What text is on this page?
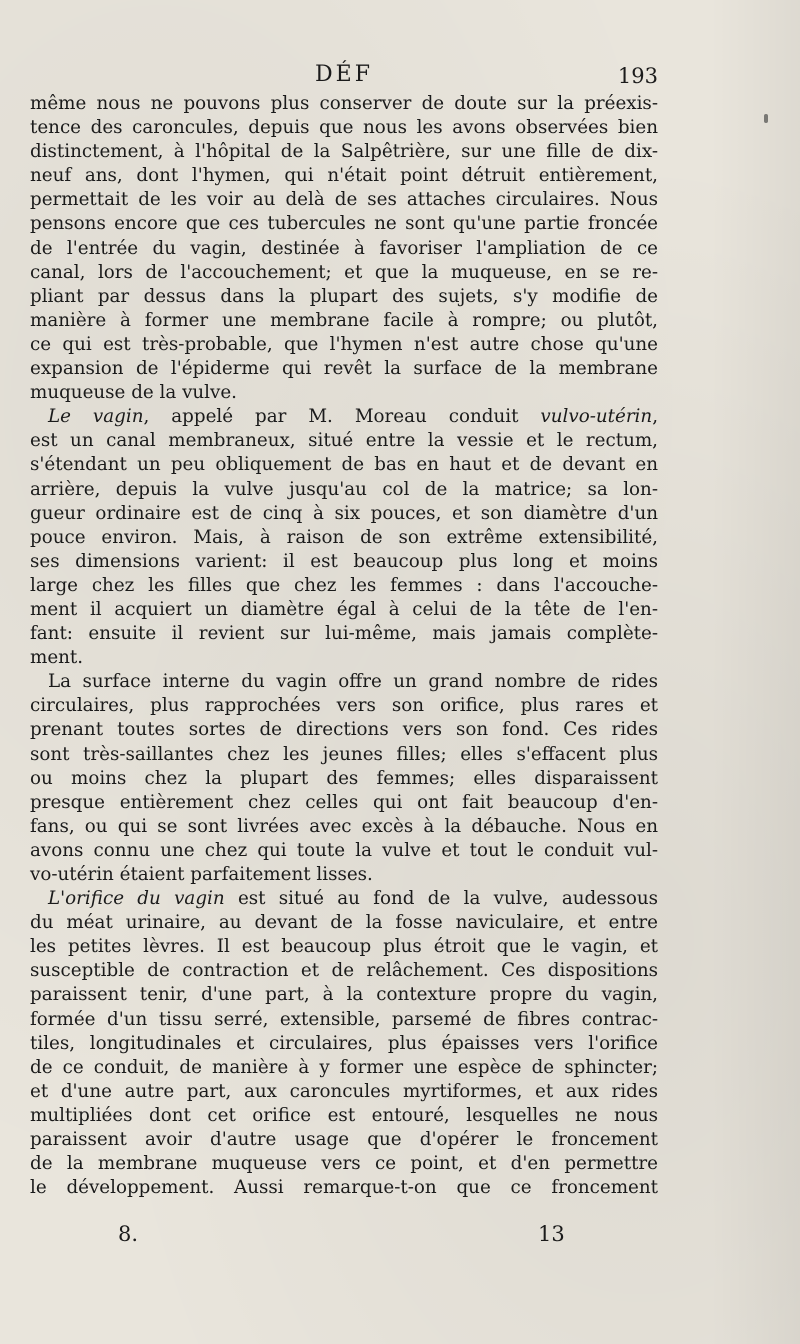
DÉF	193
même nous ne pouvons plus conserver de doute sur la préexis-
tence des caroncules, depuis que nous les avons observées bien
distinctement, à l'hôpital de la Salpêtrière, sur une fille de dix-
neuf ans, dont l'hymen, qui n'était point détruit entièrement,
permettait de les voir au delà de ses attaches circulaires. Nous
pensons encore que ces tubercules ne sont qu'une partie froncée
de l'entrée du vagin, destinée à favoriser l'ampliation de ce
canal, lors de l'accouchement; et que la muqueuse, en se re-
pliant par dessus dans la plupart des sujets, s'y modifie de
manière à former une membrane facile à rompre; ou plutôt,
ce qui est très-probable, que l'hymen n'est autre chose qu'une
expansion de l'épiderme qui revêt la surface de la membrane
muqueuse de la vulve.
Le vagin, appelé par M. Moreau conduit vulvo-utérin,
est un canal membraneux, situé entre la vessie et le rectum,
s'étendant un peu obliquement de bas en haut et de devant en
arrière, depuis la vulve jusqu'au col de la matrice; sa lon-
gueur ordinaire est de cinq à six pouces, et son diamètre d'un
pouce environ. Mais, à raison de son extrême extensibilité,
ses dimensions varient: il est beaucoup plus long et moins
large chez les filles que chez les femmes : dans l'accouche-
ment il acquiert un diamètre égal à celui de la tête de l'en-
fant: ensuite il revient sur lui-même, mais jamais complète-
ment.
La surface interne du vagin offre un grand nombre de rides
circulaires, plus rapprochées vers son orifice, plus rares et
prenant toutes sortes de directions vers son fond. Ces rides
sont très-saillantes chez les jeunes filles; elles s'effacent plus
ou moins chez la plupart des femmes; elles disparaissent
presque entièrement chez celles qui ont fait beaucoup d'en-
fans, ou qui se sont livrées avec excès à la débauche. Nous en
avons connu une chez qui toute la vulve et tout le conduit vul-
vo-utérin étaient parfaitement lisses.
L'orifice du vagin est situé au fond de la vulve, audessous
du méat urinaire, au devant de la fosse naviculaire, et entre
les petites lèvres. Il est beaucoup plus étroit que le vagin, et
susceptible de contraction et de relâchement. Ces dispositions
paraissent tenir, d'une part, à la contexture propre du vagin,
formée d'un tissu serré, extensible, parsemé de fibres contrac-
tiles, longitudinales et circulaires, plus épaisses vers l'orifice
de ce conduit, de manière à y former une espèce de sphincter;
et d'une autre part, aux caroncules myrtiformes, et aux rides
multipliées dont cet orifice est entouré, lesquelles ne nous
paraissent avoir d'autre usage que d'opérer le froncement
de la membrane muqueuse vers ce point, et d'en permettre
le développement. Aussi remarque-t-on que ce froncement
8.	13
